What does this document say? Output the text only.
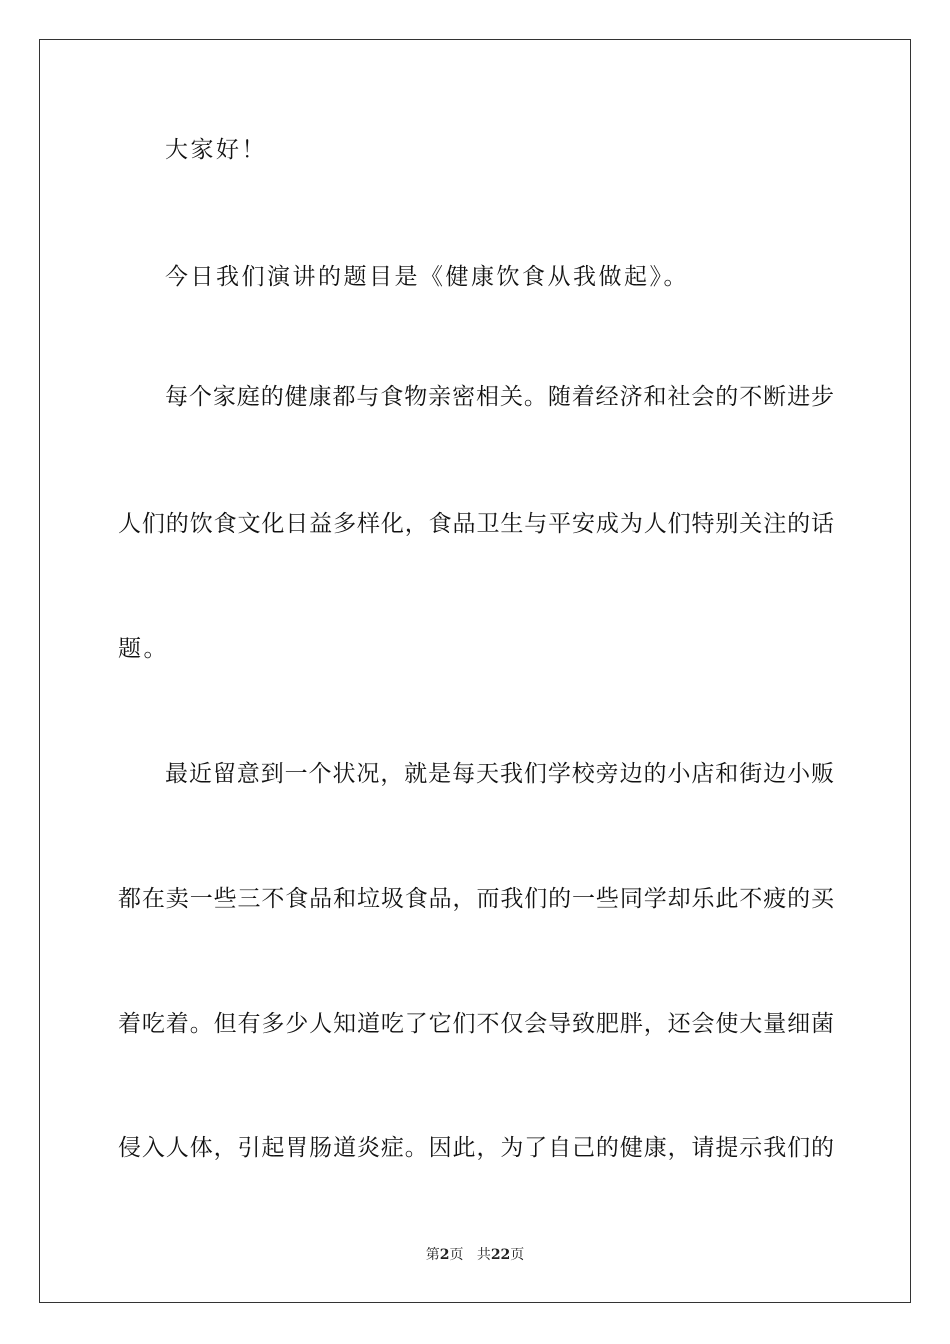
大家好！
今日我们演讲的题目是《健康饮食从我做起》。
每个家庭的健康都与食物亲密相关。随着经济和社会的不断进步
人们的饮食文化日益多样化，食品卫生与平安成为人们特别关注的话
题。
最近留意到一个状况，就是每天我们学校旁边的小店和街边小贩
都在卖一些三不食品和垃圾食品，而我们的一些同学却乐此不疲的买
着吃着。但有多少人知道吃了它们不仅会导致肥胖，还会使大量细菌
侵入人体，引起胃肠道炎症。因此，为了自己的健康，请提示我们的
第2页 共22页
